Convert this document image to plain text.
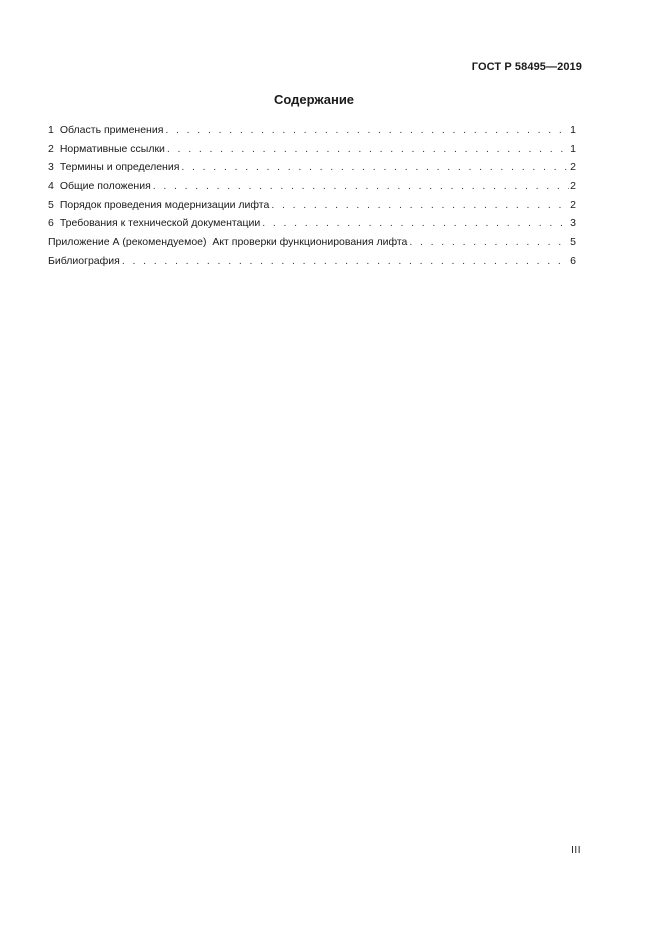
ГОСТ Р 58495—2019
Содержание
1 Область применения . . .	1
2 Нормативные ссылки . . .	1
3 Термины и определения . . .	2
4 Общие положения . . .	2
5 Порядок проведения модернизации лифта . . .	2
6 Требования к технической документации . . .	3
Приложение А (рекомендуемое)  Акт проверки функционирования лифта . . .	5
Библиография . . .	6
III
